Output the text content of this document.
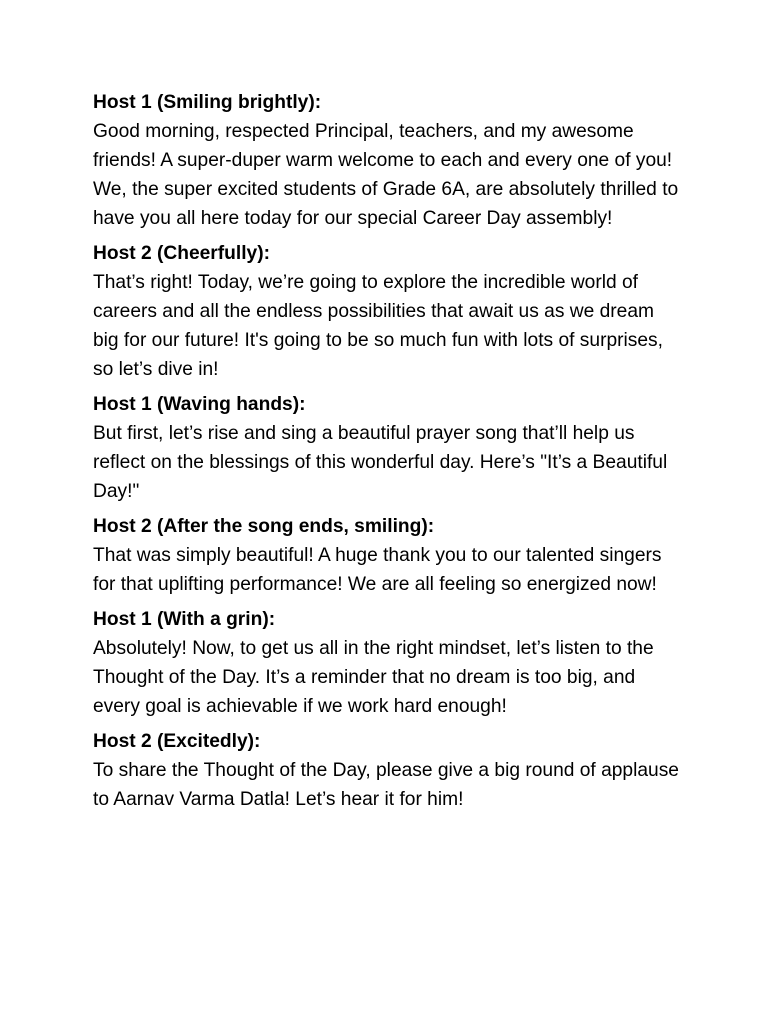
Host 1 (Smiling brightly):
Good morning, respected Principal, teachers, and my awesome friends! A super-duper warm welcome to each and every one of you! We, the super excited students of Grade 6A, are absolutely thrilled to have you all here today for our special Career Day assembly!
Host 2 (Cheerfully):
That’s right! Today, we’re going to explore the incredible world of careers and all the endless possibilities that await us as we dream big for our future! It's going to be so much fun with lots of surprises, so let’s dive in!
Host 1 (Waving hands):
But first, let’s rise and sing a beautiful prayer song that’ll help us reflect on the blessings of this wonderful day. Here’s "It’s a Beautiful Day!"
Host 2 (After the song ends, smiling):
That was simply beautiful! A huge thank you to our talented singers for that uplifting performance! We are all feeling so energized now!
Host 1 (With a grin):
Absolutely! Now, to get us all in the right mindset, let’s listen to the Thought of the Day. It’s a reminder that no dream is too big, and every goal is achievable if we work hard enough!
Host 2 (Excitedly):
To share the Thought of the Day, please give a big round of applause to Aarnav Varma Datla! Let’s hear it for him!
